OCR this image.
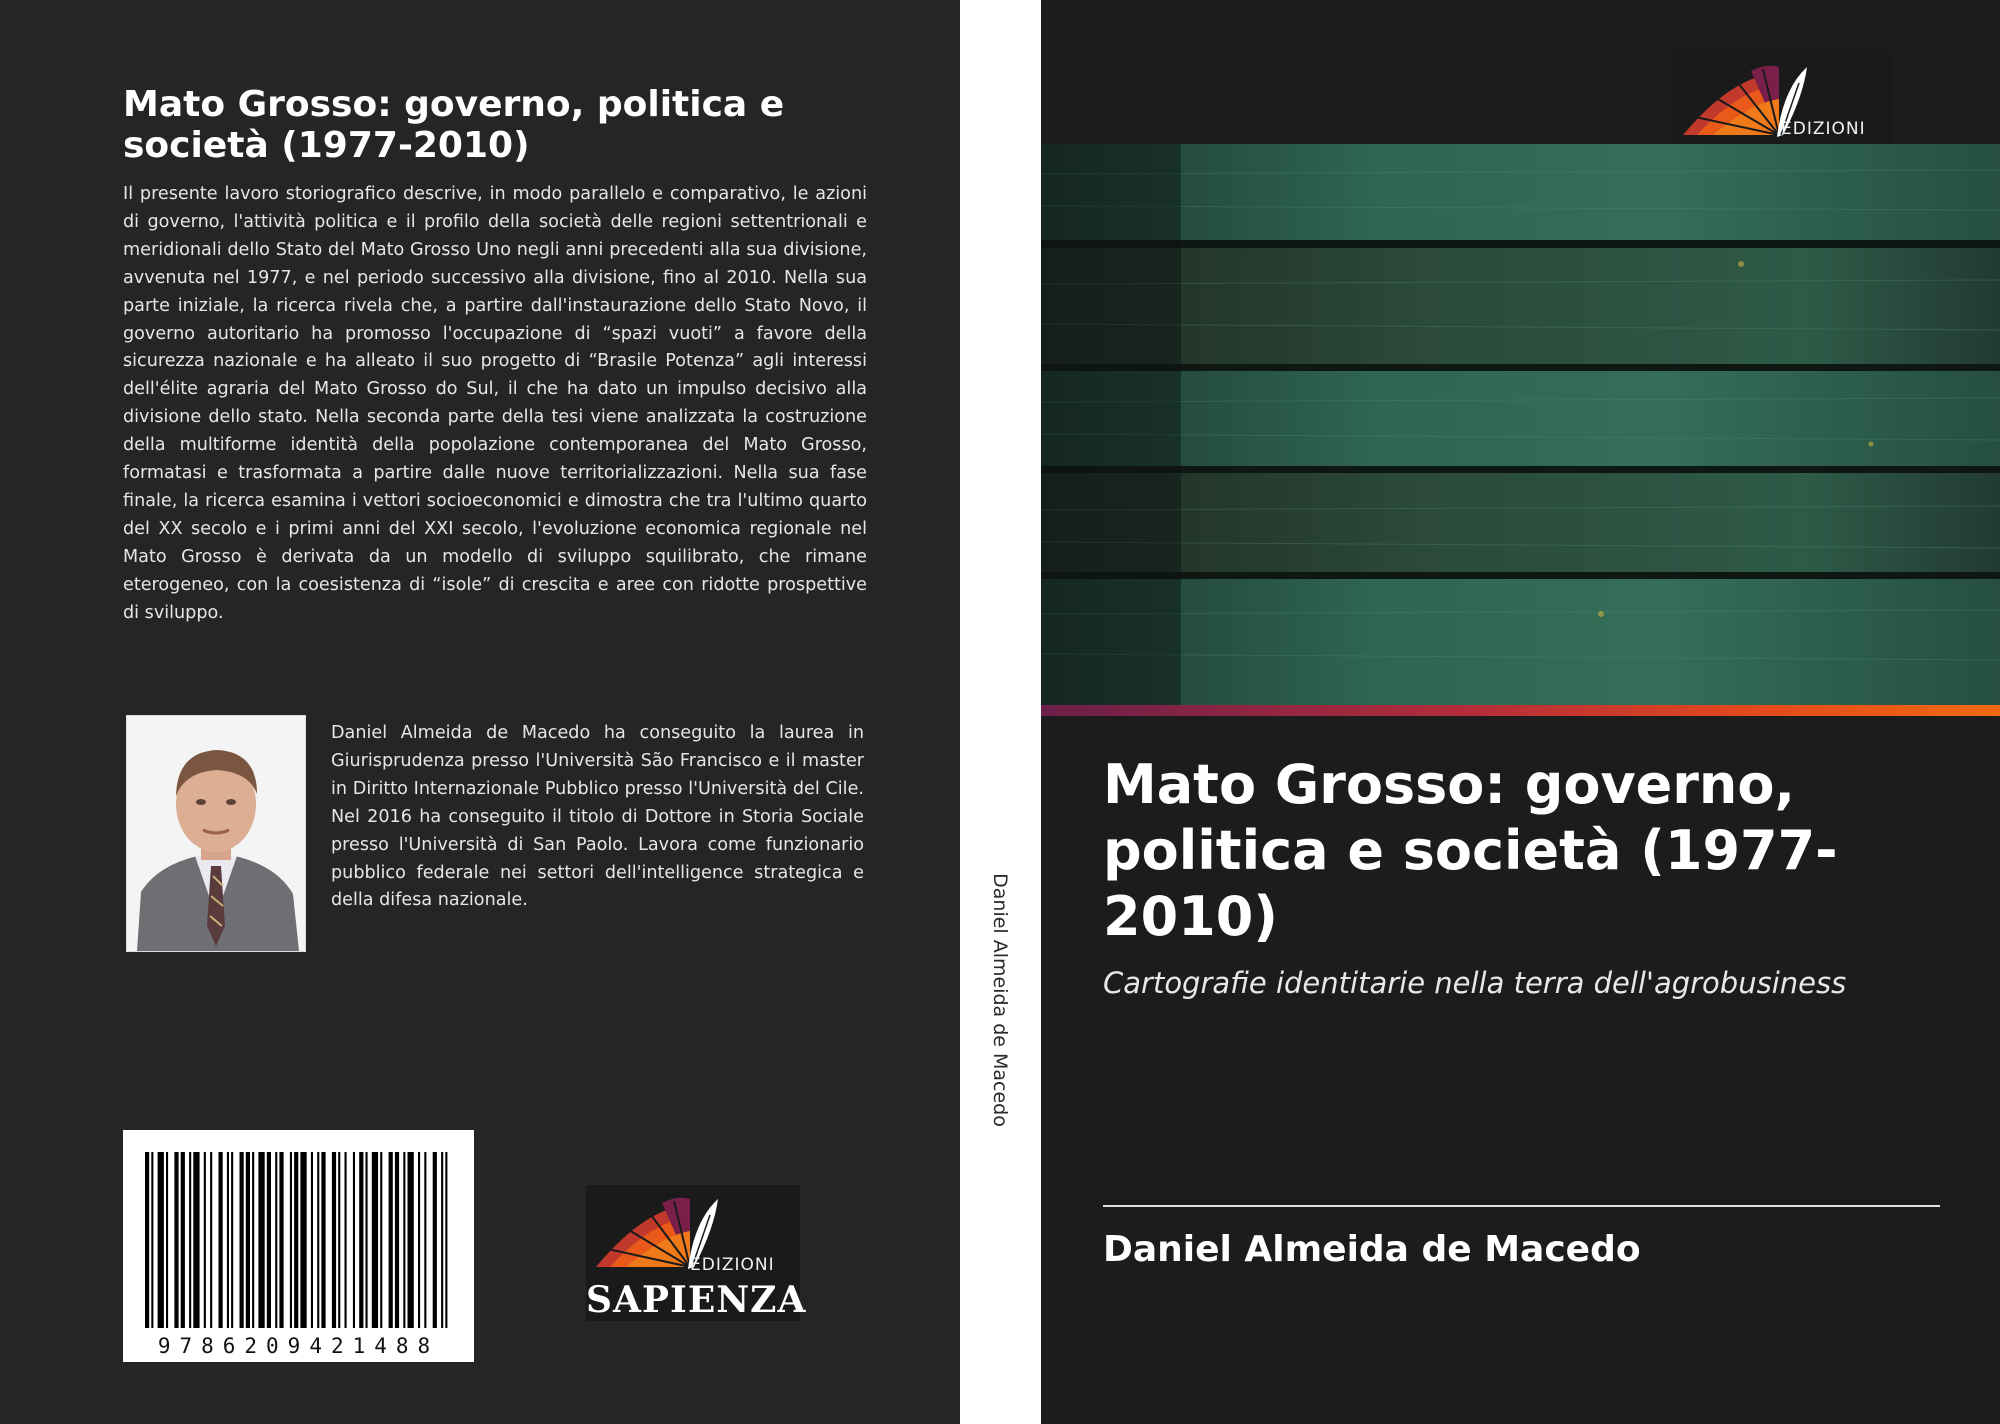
Mato Grosso: governo, politica e società (1977-2010)

Il presente lavoro storiografico descrive, in modo parallelo e comparativo, le azioni di governo, l'attività politica e il profilo della società delle regioni settentrionali e meridionali dello Stato del Mato Grosso Uno negli anni precedenti alla sua divisione, avvenuta nel 1977, e nel periodo successivo alla divisione, fino al 2010. Nella sua parte iniziale, la ricerca rivela che, a partire dall'instaurazione dello Stato Novo, il governo autoritario ha promosso l'occupazione di “spazi vuoti” a favore della sicurezza nazionale e ha alleato il suo progetto di “Brasile Potenza” agli interessi dell'élite agraria del Mato Grosso do Sul, il che ha dato un impulso decisivo alla divisione dello stato. Nella seconda parte della tesi viene analizzata la costruzione della multiforme identità della popolazione contemporanea del Mato Grosso, formatasi e trasformata a partire dalle nuove territorializzazioni. Nella sua fase finale, la ricerca esamina i vettori socioeconomici e dimostra che tra l'ultimo quarto del XX secolo e i primi anni del XXI secolo, l'evoluzione economica regionale nel Mato Grosso è derivata da un modello di sviluppo squilibrato, che rimane eterogeneo, con la coesistenza di “isole” di crescita e aree con ridotte prospettive di sviluppo.

Daniel Almeida de Macedo ha conseguito la laurea in Giurisprudenza presso l'Università São Francisco e il master in Diritto Internazionale Pubblico presso l'Università del Cile. Nel 2016 ha conseguito il titolo di Dottore in Storia Sociale presso l'Università di San Paolo. Lavora come funzionario pubblico federale nei settori dell'intelligence strategica e della difesa nazionale.

9786209421488
EDIZIONI
SAPIENZA
Daniel Almeida de Macedo
EDIZIONI
Mato Grosso: governo, politica e società (1977-2010)

Cartografie identitarie nella terra dell'agrobusiness

Daniel Almeida de Macedo
